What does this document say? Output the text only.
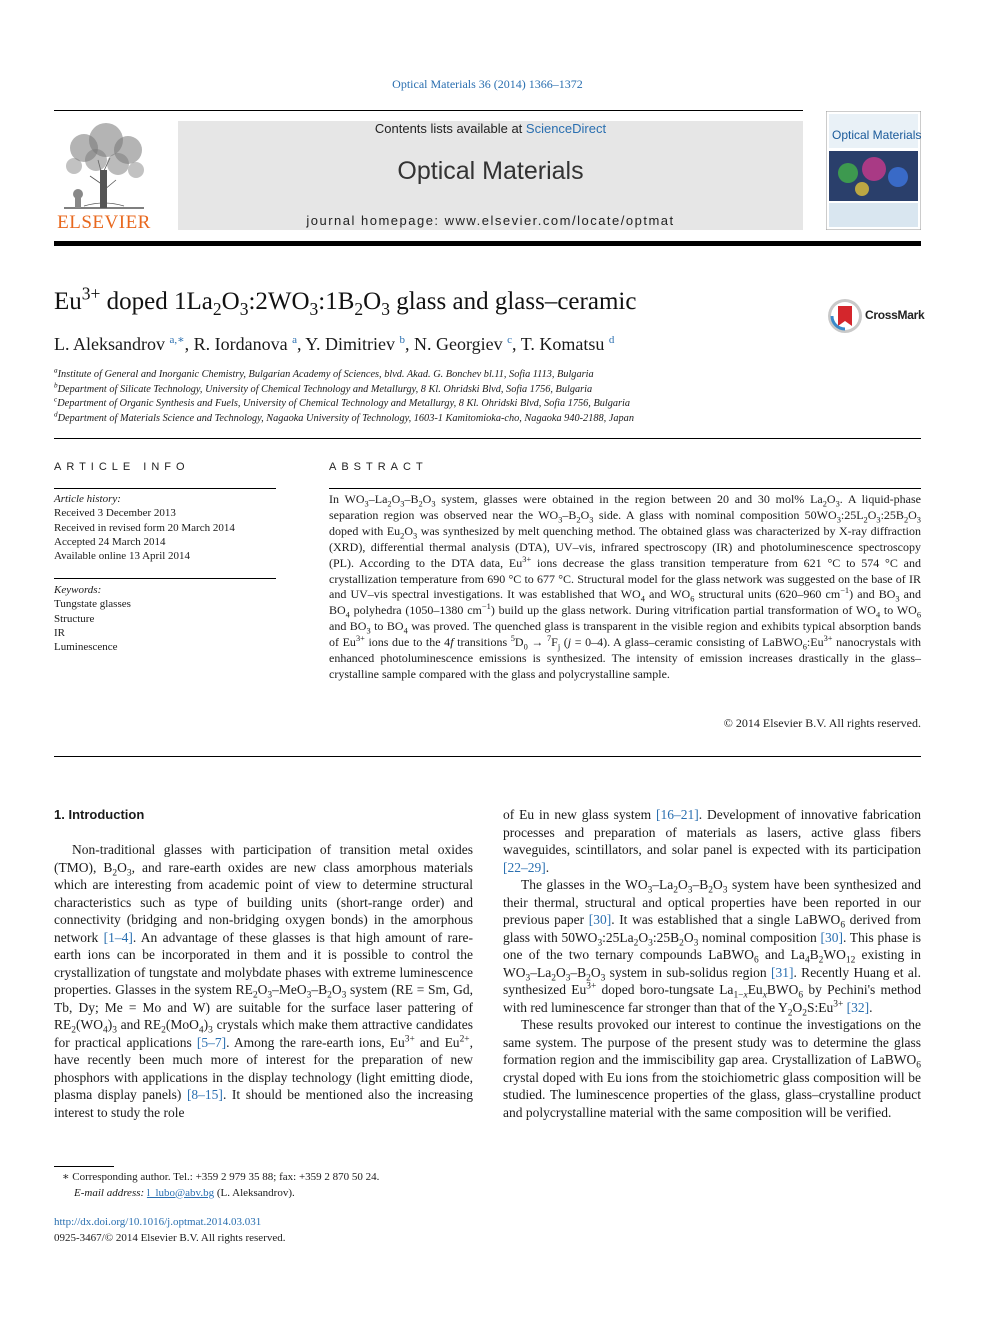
Optical Materials 36 (2014) 1366–1372
ELSEVIER
Contents lists available at ScienceDirect
Optical Materials
journal homepage: www.elsevier.com/locate/optmat
Optical Materials
$Eu^{3+}$ doped $1La_2O_3:2WO_3:1B_2O_3$ glass and glass–ceramic	CrossMark
L. Aleksandrov $^{a,∗}$, R. Iordanova $^a$, Y. Dimitriev $^b$, N. Georgiev $^c$, T. Komatsu $^d$
$^a$Institute of General and Inorganic Chemistry, Bulgarian Academy of Sciences, blvd. Akad. G. Bonchev bl.11, Sofia 1113, Bulgaria
$^b$Department of Silicate Technology, University of Chemical Technology and Metallurgy, 8 Kl. Ohridski Blvd, Sofia 1756, Bulgaria
$^c$Department of Organic Synthesis and Fuels, University of Chemical Technology and Metallurgy, 8 Kl. Ohridski Blvd, Sofia 1756, Bulgaria
$^d$Department of Materials Science and Technology, Nagaoka University of Technology, 1603-1 Kamitomioka-cho, Nagaoka 940-2188, Japan
ARTICLE INFO
Article history:
Received 3 December 2013
Received in revised form 20 March 2014
Accepted 24 March 2014
Available online 13 April 2014
Keywords:
Tungstate glasses
Structure
IR
Luminescence
ABSTRACT
In $WO_3-La_2O_3-B_2O_3$ system, glasses were obtained in the region between 20 and 30 mol% $La_2O_3$. A liquid-phase separation region was observed near the $WO_3-B_2O_3$ side. A glass with nominal composition $50WO_3:25L_2O_3:25B_2O_3$ doped with $Eu_2O_3$ was synthesized by melt quenching method. The obtained glass was characterized by X-ray diffraction (XRD), differential thermal analysis (DTA), UV–vis, infrared spectroscopy (IR) and photoluminescence spectroscopy (PL). According to the DTA data, $Eu^{3+}$ ions decrease the glass transition temperature from 621 °C to 574 °C and crystallization temperature from 690 °C to 677 °C. Structural model for the glass network was suggested on the base of IR and UV–vis spectral investigations. It was established that $WO_4$ and $WO_6$ structural units (620–960 $cm^{-1}$) and $BO_3$ and $BO_4$ polyhedra (1050–1380 $cm^{-1}$) build up the glass network. During vitrification partial transformation of $WO_4$ to $WO_6$ and $BO_3$ to $BO_4$ was proved. The quenched glass is transparent in the visible region and exhibits typical absorption bands of $Eu^{3+}$ ions due to the 4f transitions $^5D_0 \to ^7F_j$ (j = 0–4). A glass–ceramic consisting of $LaBWO_6:Eu^{3+}$ nanocrystals with enhanced photoluminescence emissions is synthesized. The intensity of emission increases drastically in the glass–crystalline sample compared with the glass and polycrystalline sample.
© 2014 Elsevier B.V. All rights reserved.
1. Introduction

Non-traditional glasses with participation of transition metal oxides (TMO), $B_2O_3$, and rare-earth oxides are new class amorphous materials which are interesting from academic point of view to determine structural characteristics such as type of building units (short-range order) and connectivity (bridging and non-bridging oxygen bonds) in the amorphous network [1–4]. An advantage of these glasses is that high amount of rare-earth ions can be incorporated in them and it is possible to control the crystallization of tungstate and molybdate phases with extreme luminescence properties. Glasses in the system $RE_2O_3-MeO_3-B_2O_3$ system (RE = Sm, Gd, Tb, Dy; Me = Mo and W) are suitable for the surface laser pattering of $RE_2(WO_4)_3$ and $RE_2(MoO_4)_3$ crystals which make them attractive candidates for practical applications [5–7]. Among the rare-earth ions, $Eu^{3+}$ and $Eu^{2+}$, have recently been much more of interest for the preparation of new phosphors with applications in the display technology (light emitting diode, plasma display panels) [8–15]. It should be mentioned also the increasing interest to study the role

of Eu in new glass system [16–21]. Development of innovative fabrication processes and preparation of materials as lasers, active glass fibers waveguides, scintillators, and solar panel is expected with its participation [22–29].

The glasses in the $WO_3-La_2O_3-B_2O_3$ system have been synthesized and their thermal, structural and optical properties have been reported in our previous paper [30]. It was established that a single LaBWO$_6$ derived from glass with $50WO_3:25La_2O_3:25B_2O_3$ nominal composition [30]. This phase is one of the two ternary compounds LaBWO$_6$ and $La_4B_2WO_{12}$ existing in $WO_3-La_2O_3-B_2O_3$ system in sub-solidus region [31]. Recently Huang et al. synthesized $Eu^{3+}$ doped boro-tungsate $La_{1-x}Eu_xBWO_6$ by Pechini's method with red luminescence far stronger than that of the $Y_2O_2S:Eu^{3+}$ [32].

These results provoked our interest to continue the investigations on the same system. The purpose of the present study was to determine the glass formation region and the immiscibility gap area. Crystallization of LaBWO$_6$ crystal doped with Eu ions from the stoichiometric glass composition will be studied. The luminescence properties of the glass, glass–crystalline product and polycrystalline material with the same composition will be verified.

∗ Corresponding author. Tel.: +359 2 979 35 88; fax: +359 2 870 50 24.
E-mail address: l_lubo@abv.bg (L. Aleksandrov).
http://dx.doi.org/10.1016/j.optmat.2014.03.031
0925-3467/© 2014 Elsevier B.V. All rights reserved.
